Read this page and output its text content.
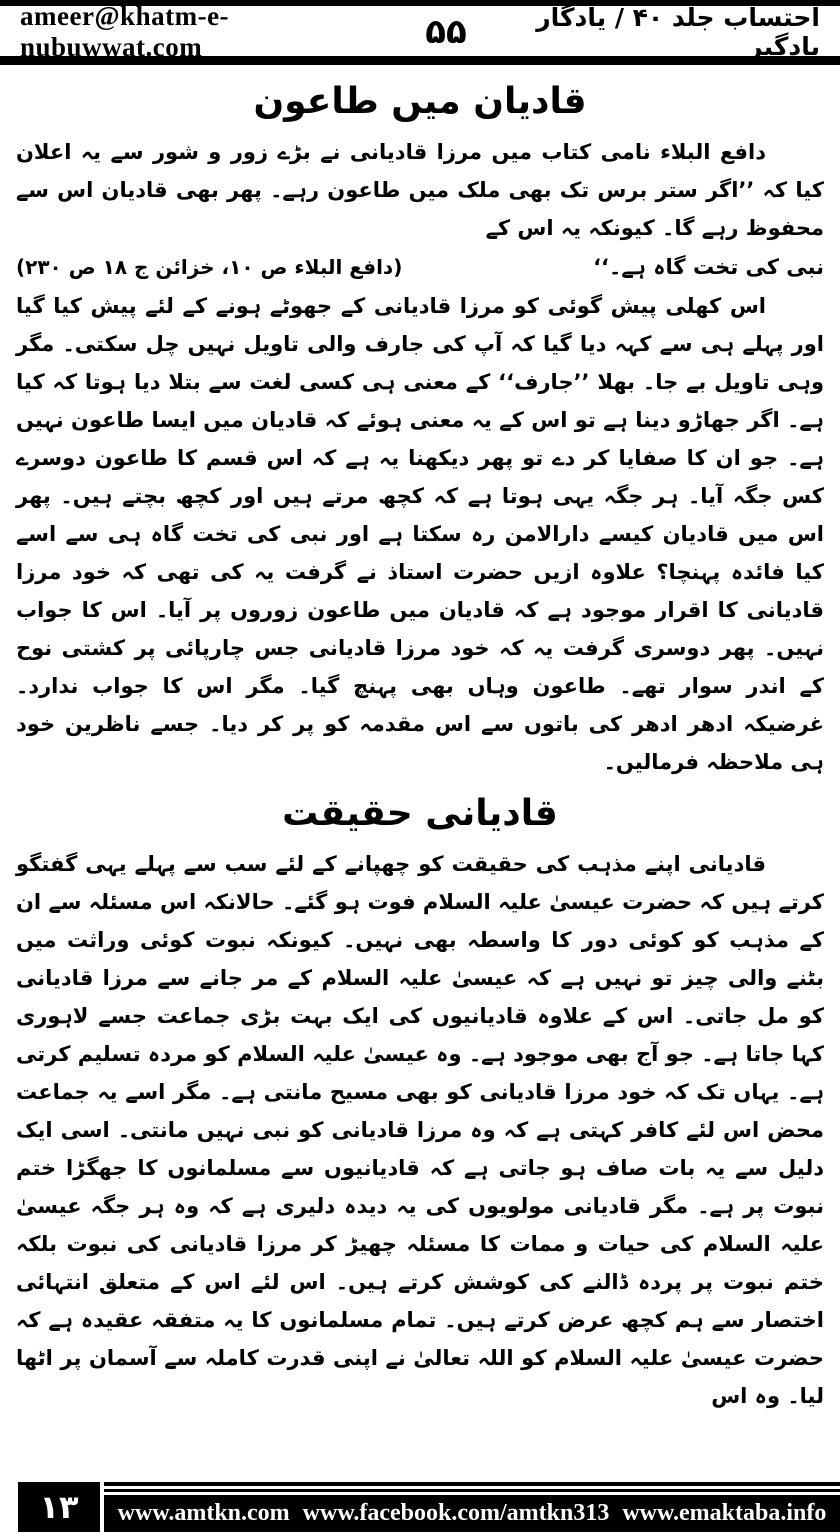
ameer@khatm-e-nubuwwat.com	۵۵	احتساب جلد ۴۰ / یادگار یادگیر
قادیان میں طاعون

دافع البلاء نامی کتاب میں مرزا قادیانی نے بڑے زور و شور سے یہ اعلان کیا کہ ’’اگر ستر برس تک بھی ملک میں طاعون رہے۔ پھر بھی قادیان اس سے محفوظ رہے گا۔ کیونکہ یہ اس کے

نبی کی تخت گاہ ہے۔‘‘
(دافع البلاء ص ۱۰، خزائن ج ۱۸ ص ۲۳۰)

اس کھلی پیش گوئی کو مرزا قادیانی کے جھوٹے ہونے کے لئے پیش کیا گیا اور پہلے ہی سے کہہ دیا گیا کہ آپ کی جارف والی تاویل نہیں چل سکتی۔ مگر وہی تاویل بے جا۔ بھلا ’’جارف‘‘ کے معنی ہی کسی لغت سے بتلا دیا ہوتا کہ کیا ہے۔ اگر جھاڑو دینا ہے تو اس کے یہ معنی ہوئے کہ قادیان میں ایسا طاعون نہیں ہے۔ جو ان کا صفایا کر دے تو پھر دیکھنا یہ ہے کہ اس قسم کا طاعون دوسرے کس جگہ آیا۔ ہر جگہ یہی ہوتا ہے کہ کچھ مرتے ہیں اور کچھ بچتے ہیں۔ پھر اس میں قادیان کیسے دارالامن رہ سکتا ہے اور نبی کی تخت گاہ ہی سے اسے کیا فائدہ پہنچا؟ علاوہ ازیں حضرت استاذ نے گرفت یہ کی تھی کہ خود مرزا قادیانی کا اقرار موجود ہے کہ قادیان میں طاعون زوروں پر آیا۔ اس کا جواب نہیں۔ پھر دوسری گرفت یہ کہ خود مرزا قادیانی جس چارپائی پر کشتی نوح کے اندر سوار تھے۔ طاعون وہاں بھی پہنچ گیا۔ مگر اس کا جواب ندارد۔ غرضیکہ ادھر ادھر کی باتوں سے اس مقدمہ کو پر کر دیا۔ جسے ناظرین خود ہی ملاحظہ فرمالیں۔

قادیانی حقیقت

قادیانی اپنے مذہب کی حقیقت کو چھپانے کے لئے سب سے پہلے یہی گفتگو کرتے ہیں کہ حضرت عیسیٰ علیہ السلام فوت ہو گئے۔ حالانکہ اس مسئلہ سے ان کے مذہب کو کوئی دور کا واسطہ بھی نہیں۔ کیونکہ نبوت کوئی وراثت میں بٹنے والی چیز تو نہیں ہے کہ عیسیٰ علیہ السلام کے مر جانے سے مرزا قادیانی کو مل جاتی۔ اس کے علاوہ قادیانیوں کی ایک بہت بڑی جماعت جسے لاہوری کہا جاتا ہے۔ جو آج بھی موجود ہے۔ وہ عیسیٰ علیہ السلام کو مردہ تسلیم کرتی ہے۔ یہاں تک کہ خود مرزا قادیانی کو بھی مسیح مانتی ہے۔ مگر اسے یہ جماعت محض اس لئے کافر کہتی ہے کہ وہ مرزا قادیانی کو نبی نہیں مانتی۔ اسی ایک دلیل سے یہ بات صاف ہو جاتی ہے کہ قادیانیوں سے مسلمانوں کا جھگڑا ختم نبوت پر ہے۔ مگر قادیانی مولویوں کی یہ دیدہ دلیری ہے کہ وہ ہر جگہ عیسیٰ علیہ السلام کی حیات و ممات کا مسئلہ چھیڑ کر مرزا قادیانی کی نبوت بلکہ ختم نبوت پر پردہ ڈالنے کی کوشش کرتے ہیں۔ اس لئے اس کے متعلق انتہائی اختصار سے ہم کچھ عرض کرتے ہیں۔ تمام مسلمانوں کا یہ متفقہ عقیدہ ہے کہ حضرت عیسیٰ علیہ السلام کو اللہ تعالیٰ نے اپنی قدرت کاملہ سے آسمان پر اٹھا لیا۔ وہ اس

۱۳ www.amtkn.com www.facebook.com/amtkn313 www.emaktaba.info
